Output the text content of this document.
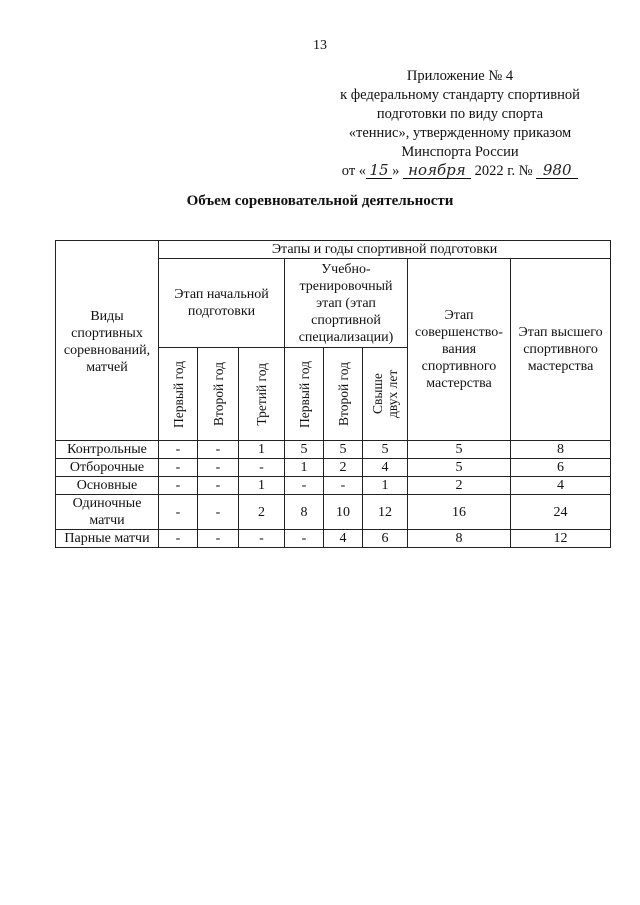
13
Приложение № 4
к федеральному стандарту спортивной
подготовки по виду спорта
«теннис», утвержденному приказом
Минспорта России
от « 15 » ноября 2022 г. № 980
Объем соревновательной деятельности
Виды спортивных соревнований, матчей	Этапы и годы спортивной подготовки							
	Этап начальной подготовки			Учебно-тренировочный этап (этап спортивной специализации)			Этап совершенство-вания спортивного мастерства	Этап высшего спортивного мастерства

	Первый год	Второй год	Третий год	Первый год	Второй год	Свыше двух лет		

Контрольные	-	-	1	5	5	5	5	8
Отборочные	-	-	-	1	2	4	5	6
Основные	-	-	1	-	-	1	2	4
Одиночные матчи	-	-	2	8	10	12	16	24
Парные матчи	-	-	-	-	4	6	8	12
